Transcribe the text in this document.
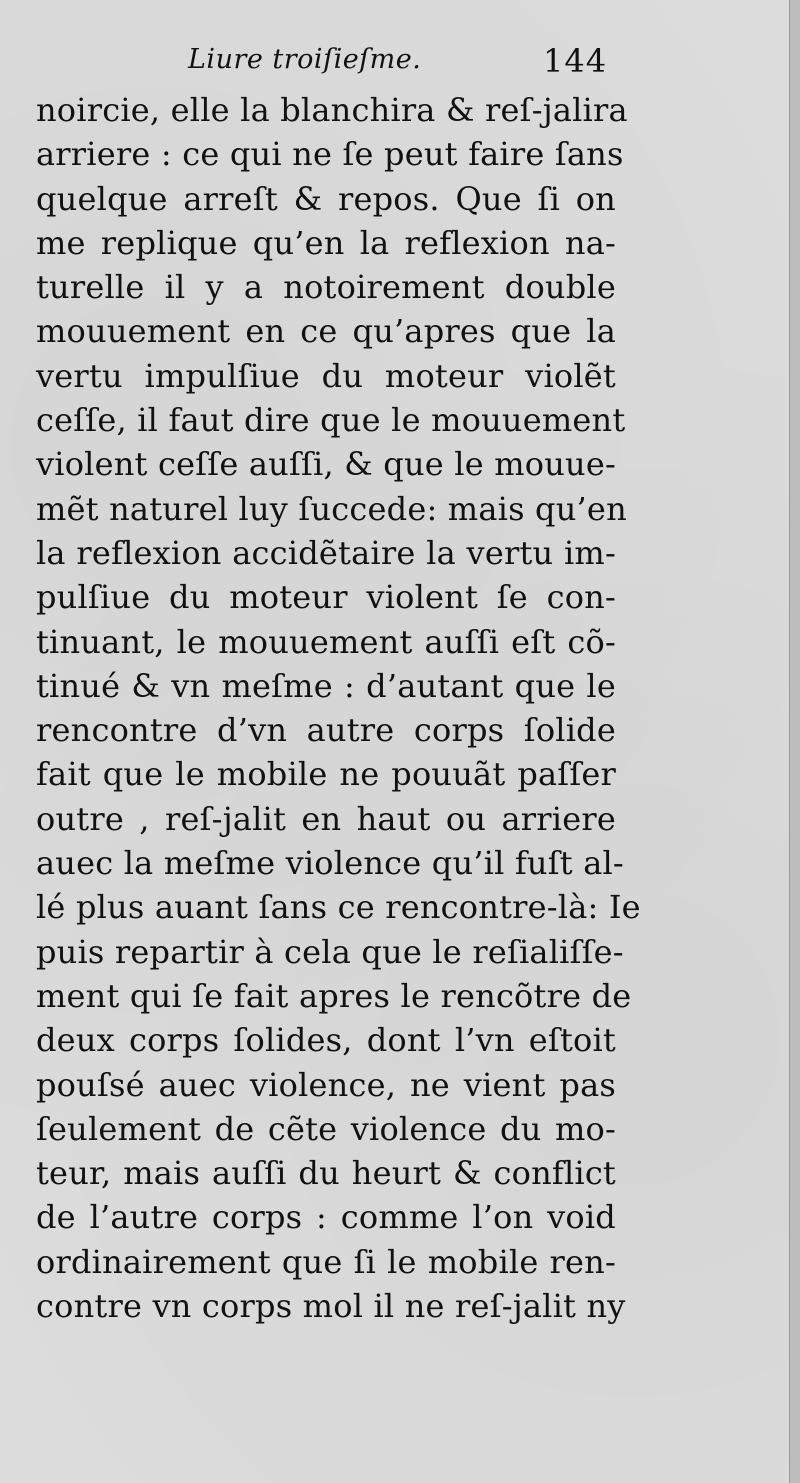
Liure troiſieſme.	144
noircie, elle la blanchira & reſ-jalira
arriere : ce qui ne ſe peut faire ſans
quelque arreſt & repos. Que ſi on
me replique qu’en la reflexion na-
turelle il y a notoirement double
mouuement en ce qu’apres que la
vertu impulſiue du moteur violẽt
ceſſe, il faut dire que le mouuement
violent ceſſe auſſi, & que le mouue-
mẽt naturel luy ſuccede: mais qu’en
la reflexion accidẽtaire la vertu im-
pulſiue du moteur violent ſe con-
tinuant, le mouuement auſſi eſt cõ-
tinué & vn meſme : d’autant que le
rencontre d’vn autre corps ſolide
fait que le mobile ne pouuãt paſſer
outre , reſ-jalit en haut ou arriere
auec la meſme violence qu’il fuſt al-
lé plus auant ſans ce rencontre-là: Ie
puis repartir à cela que le reſialiſſe-
ment qui ſe fait apres le rencõtre de
deux corps ſolides, dont l’vn eſtoit
pouſsé auec violence, ne vient pas
ſeulement de cẽte violence du mo-
teur, mais auſſi du heurt & conflict
de l’autre corps : comme l’on void
ordinairement que ſi le mobile ren-
contre vn corps mol il ne reſ-jalit ny
